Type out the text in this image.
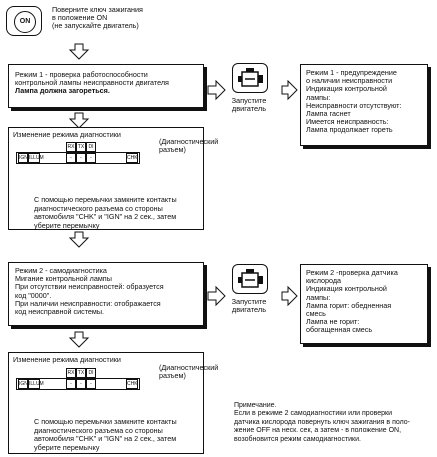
ON
Поверните ключ зажигания
в положение ON
(не запускайте двигатель)
Режим 1 - проверка работоспособности
контрольной лампы неисправности двигателя
Лампа должна загореться.
Запустите двигатель
Режим 1 - предупреждение
о наличии неисправности
Индикация контрольной
лампы:
Неисправности отсутствуют:
Лампа гаснет
Имеется неисправность:
Лампа продолжает гореть
Изменение режима диагностики
RX TX DI
IGN ILLUM	-	-	-	CHK
(Диагностический
разъем)
С помощью перемычки замкните контакты
диагностического разъема со стороны
автомобиля "CHK" и "IGN" на 2 сек., затем
уберите перемычку
Режим 2 - самодиагностика
Мигание контрольной лампы
При отсутствии неисправностей: образуется
код "0000".
При наличии неисправности: отображается
код неисправной системы.
Запустите двигатель
Режим 2 -проверка датчика
кислорода
Индикация контрольной
лампы:
Лампа горит: обедненная
смесь
Лампа не горит:
обогащенная смесь
Изменение режима диагностики
RX TX DI
IGN ILLUM	-	-	-	CHK
(Диагностический
разъем)
С помощью перемычки замкните контакты
диагностического разъема со стороны
автомобиля "CHK" и "IGN" на 2 сек., затем
уберите перемычку
Примечание.
Если в режиме 2 самодиагностики или проверки
датчика кислорода повернуть ключ зажигания в поло-
жение OFF на неск. сек, а затем - в положение ON,
возобновится режим самодиагностики.
